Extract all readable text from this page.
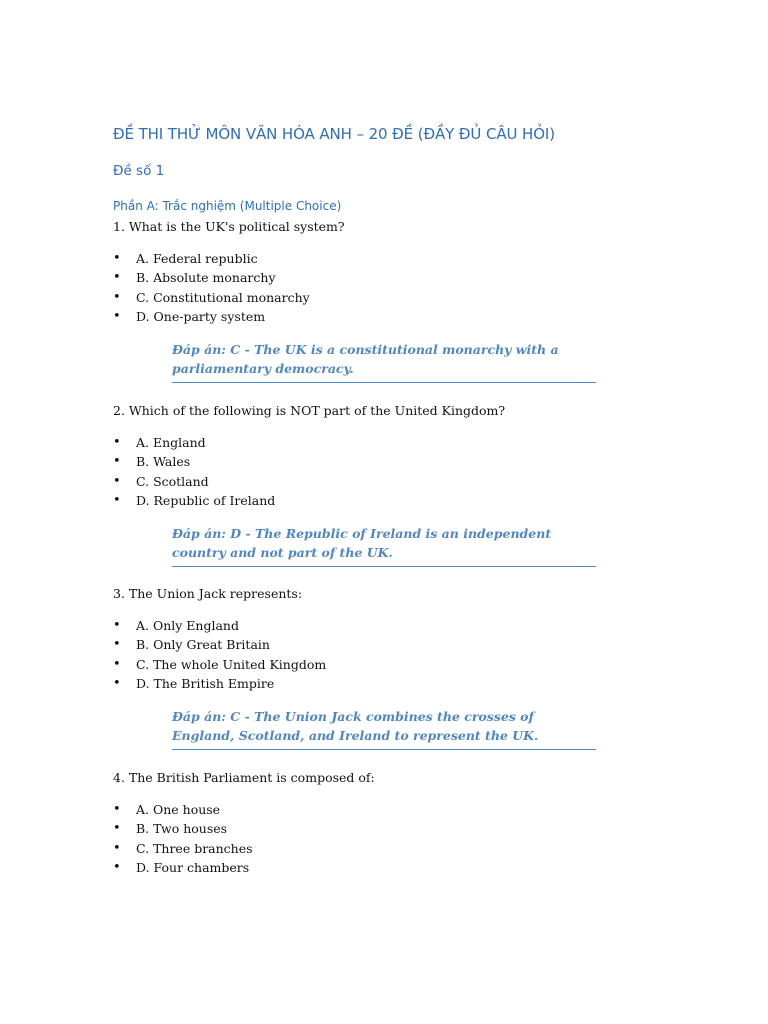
ĐỀ THI THỬ MÔN VĂN HÓA ANH – 20 ĐỀ (ĐẦY ĐỦ CÂU HỎI)
Đề số 1
Phần A: Trắc nghiệm (Multiple Choice)

1. What is the UK's political system?

• A. Federal republic
• B. Absolute monarchy
• C. Constitutional monarchy
• D. One-party system
Đáp án: C - The UK is a constitutional monarchy with a parliamentary democracy.

2. Which of the following is NOT part of the United Kingdom?

• A. England
• B. Wales
• C. Scotland
• D. Republic of Ireland
Đáp án: D - The Republic of Ireland is an independent country and not part of the UK.

3. The Union Jack represents:

• A. Only England
• B. Only Great Britain
• C. The whole United Kingdom
• D. The British Empire
Đáp án: C - The Union Jack combines the crosses of England, Scotland, and Ireland to represent the UK.

4. The British Parliament is composed of:

• A. One house
• B. Two houses
• C. Three branches
• D. Four chambers
